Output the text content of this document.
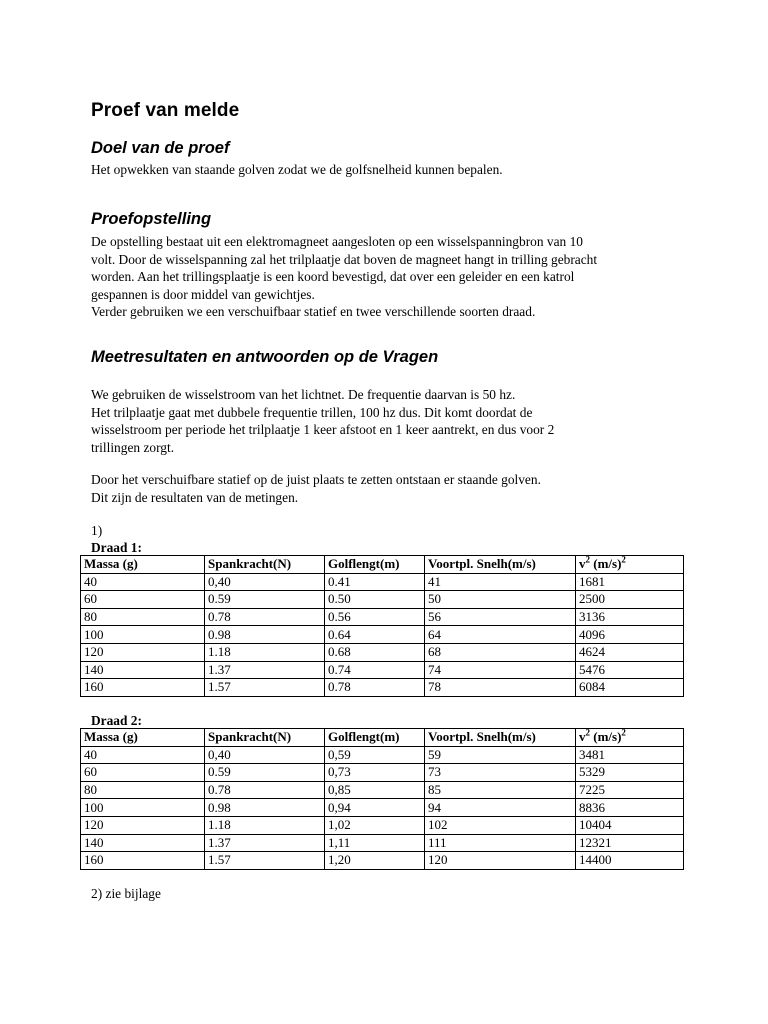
Proef van melde
Doel van de proef
Het opwekken van staande golven zodat we de golfsnelheid kunnen bepalen.
Proefopstelling
De opstelling bestaat uit een elektromagneet aangesloten op een wisselspanningbron van 10
volt. Door de wisselspanning zal het trilplaatje dat boven de magneet hangt in trilling gebracht
worden. Aan het trillingsplaatje is een koord bevestigd, dat over een geleider en een katrol
gespannen is door middel van gewichtjes.
Verder gebruiken we een verschuifbaar statief en twee verschillende soorten draad.
Meetresultaten en antwoorden op de Vragen
We gebruiken de wisselstroom van het lichtnet. De frequentie daarvan is 50 hz.
Het trilplaatje gaat met dubbele frequentie trillen, 100 hz dus. Dit komt doordat de
wisselstroom per periode het trilplaatje 1 keer afstoot en 1 keer aantrekt, en dus voor 2
trillingen zorgt.
Door het verschuifbare statief op de juist plaats te zetten ontstaan er staande golven.
Dit zijn de resultaten van de metingen.
1)
Draad 1:
Massa (g)	Spankracht(N)	Golflengt(m)	Voortpl. Snelh(m/s)	$v^2$ $(m/s)^2$
40	0,40	0.41	41	1681
60	0.59	0.50	50	2500
80	0.78	0.56	56	3136
100	0.98	0.64	64	4096
120	1.18	0.68	68	4624
140	1.37	0.74	74	5476
160	1.57	0.78	78	6084
Draad 2:
Massa (g)	Spankracht(N)	Golflengt(m)	Voortpl. Snelh(m/s)	$v^2$ $(m/s)^2$
40	0,40	0,59	59	3481
60	0.59	0,73	73	5329
80	0.78	0,85	85	7225
100	0.98	0,94	94	8836
120	1.18	1,02	102	10404
140	1.37	1,11	111	12321
160	1.57	1,20	120	14400
2) zie bijlage
